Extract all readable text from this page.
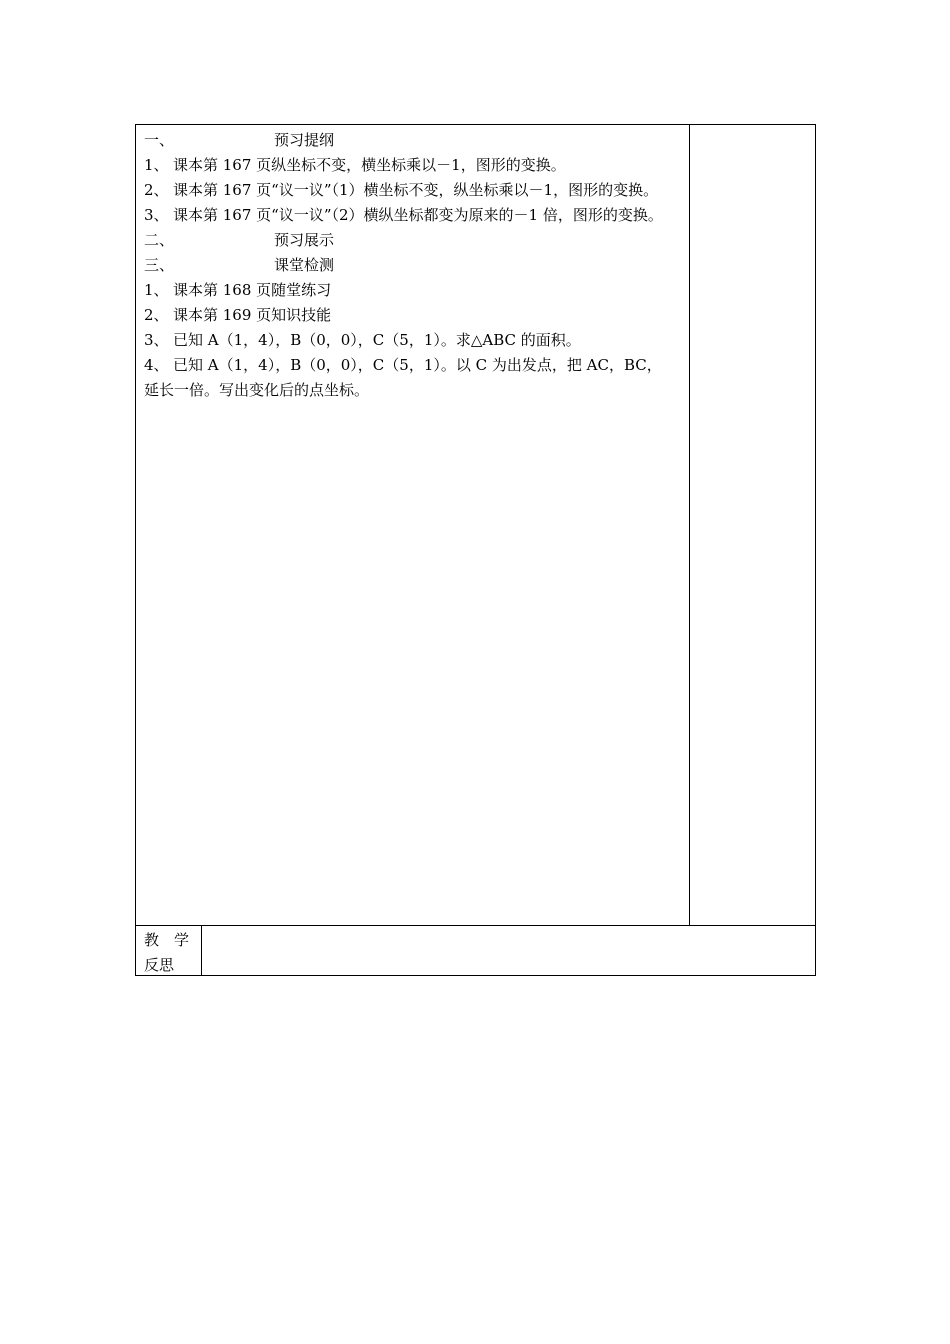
一、	预习提纲
1、 课本第 167 页纵坐标不变，横坐标乘以－1，图形的变换。
2、 课本第 167 页“议一议”（1）横坐标不变，纵坐标乘以－1，图形的变换。
3、 课本第 167 页“议一议”（2）横纵坐标都变为原来的－1 倍，图形的变换。
二、	预习展示
三、	课堂检测
1、 课本第 168 页随堂练习
2、 课本第 169 页知识技能
3、 已知 A（1，4），B（0，0），C（5，1）。求△ABC 的面积。
4、 已知 A（1，4），B（0，0），C（5，1）。以 C 为出发点，把 AC，BC，
延长一倍。写出变化后的点坐标。
教　学
反思
